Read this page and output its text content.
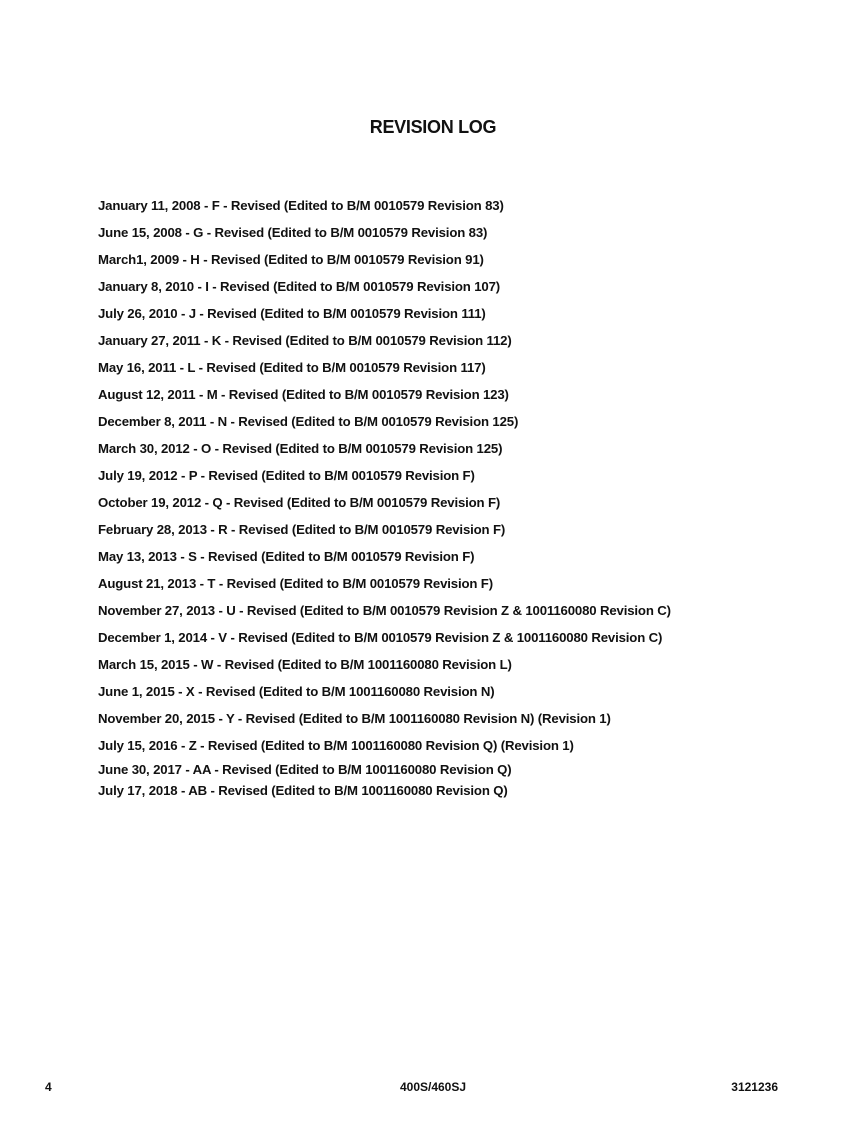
REVISION LOG
January 11, 2008 - F - Revised (Edited to B/M 0010579 Revision 83)
June 15, 2008 - G - Revised (Edited to B/M 0010579 Revision 83)
March1, 2009 - H - Revised (Edited to B/M 0010579 Revision 91)
January 8, 2010 - I - Revised (Edited to B/M 0010579 Revision 107)
July 26, 2010 - J - Revised (Edited to B/M 0010579 Revision 111)
January 27, 2011 - K - Revised (Edited to B/M 0010579 Revision 112)
May 16, 2011 - L - Revised (Edited to B/M 0010579 Revision 117)
August 12, 2011 - M - Revised (Edited to B/M 0010579 Revision 123)
December 8, 2011 - N - Revised (Edited to B/M 0010579 Revision 125)
March 30, 2012 - O - Revised (Edited to B/M 0010579 Revision 125)
July 19, 2012 - P - Revised (Edited to B/M 0010579 Revision F)
October 19, 2012 - Q - Revised (Edited to B/M 0010579 Revision F)
February 28, 2013 - R - Revised (Edited to B/M 0010579 Revision F)
May 13, 2013 - S - Revised (Edited to B/M 0010579 Revision F)
August 21, 2013 - T - Revised (Edited to B/M 0010579 Revision F)
November 27, 2013 - U - Revised (Edited to B/M 0010579 Revision Z & 1001160080 Revision C)
December 1, 2014 - V - Revised (Edited to B/M 0010579 Revision Z & 1001160080 Revision C)
March 15, 2015 - W - Revised (Edited to B/M 1001160080 Revision L)
June 1, 2015 - X - Revised (Edited to B/M 1001160080 Revision N)
November 20, 2015 - Y - Revised (Edited to B/M 1001160080 Revision N) (Revision 1)
July 15, 2016 - Z - Revised (Edited to B/M 1001160080 Revision Q) (Revision 1)
June 30, 2017 - AA - Revised (Edited to B/M 1001160080 Revision Q)
July 17, 2018 - AB - Revised (Edited to B/M 1001160080 Revision Q)
4	400S/460SJ	3121236
